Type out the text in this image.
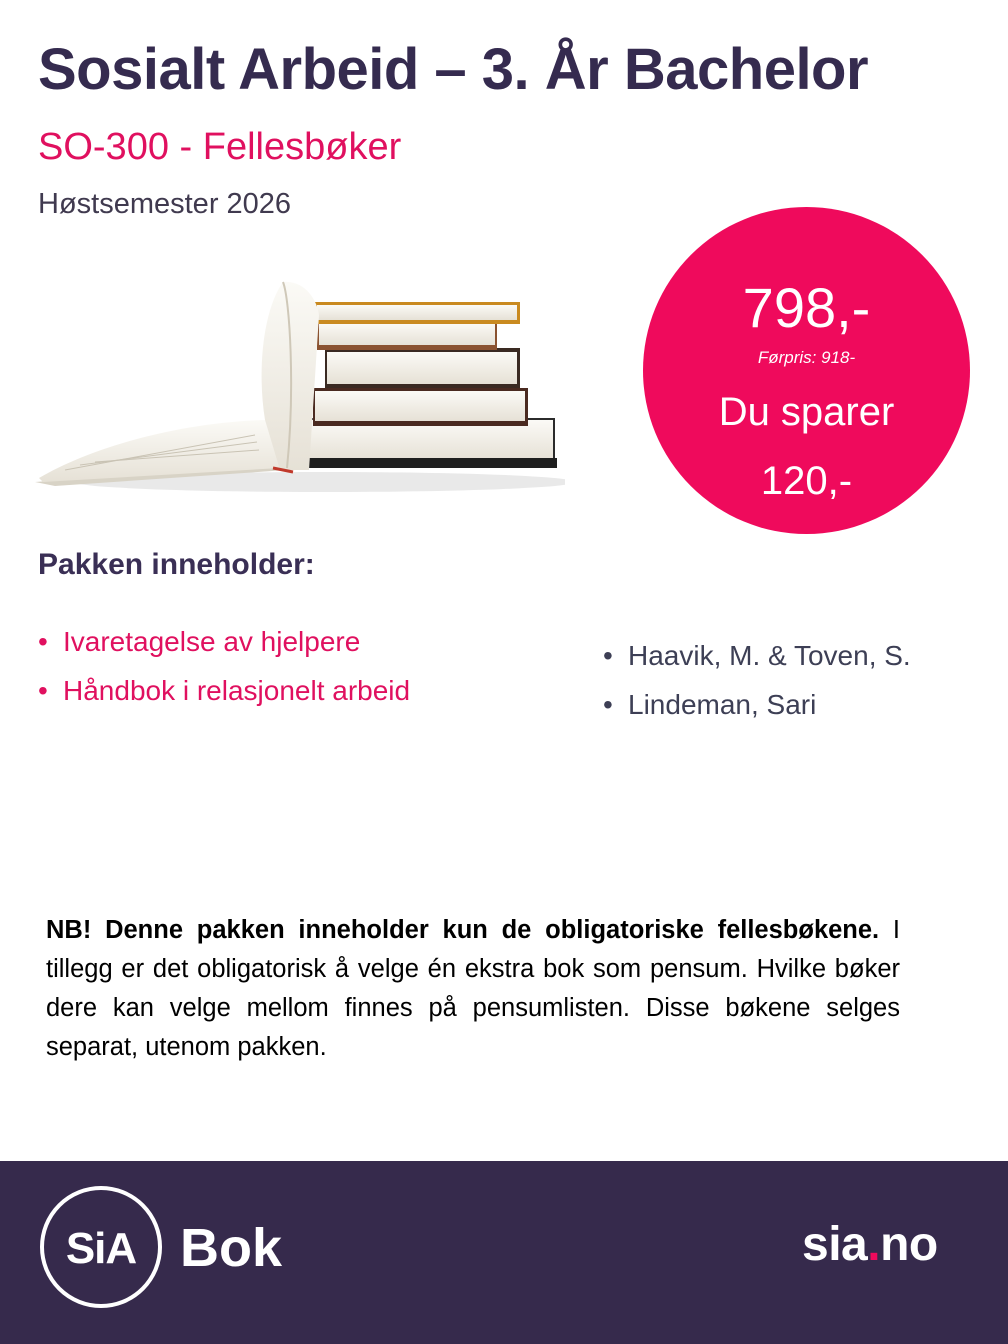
Sosialt Arbeid – 3. År Bachelor
SO-300 - Fellesbøker
Høstsemester 2026
798,-
Førpris: 918-
Du sparer
120,-
Pakken inneholder:
• Ivaretagelse av hjelpere
• Håndbok i relasjonelt arbeid
• Haavik, M. & Toven, S.
• Lindeman, Sari

NB! Denne pakken inneholder kun de obligatoriske fellesbøkene. I tillegg er det obligatorisk å velge én ekstra bok som pensum. Hvilke bøker dere kan velge mellom finnes på pensumlisten. Disse bøkene selges separat, utenom pakken.

SiA Bok	sia.no
